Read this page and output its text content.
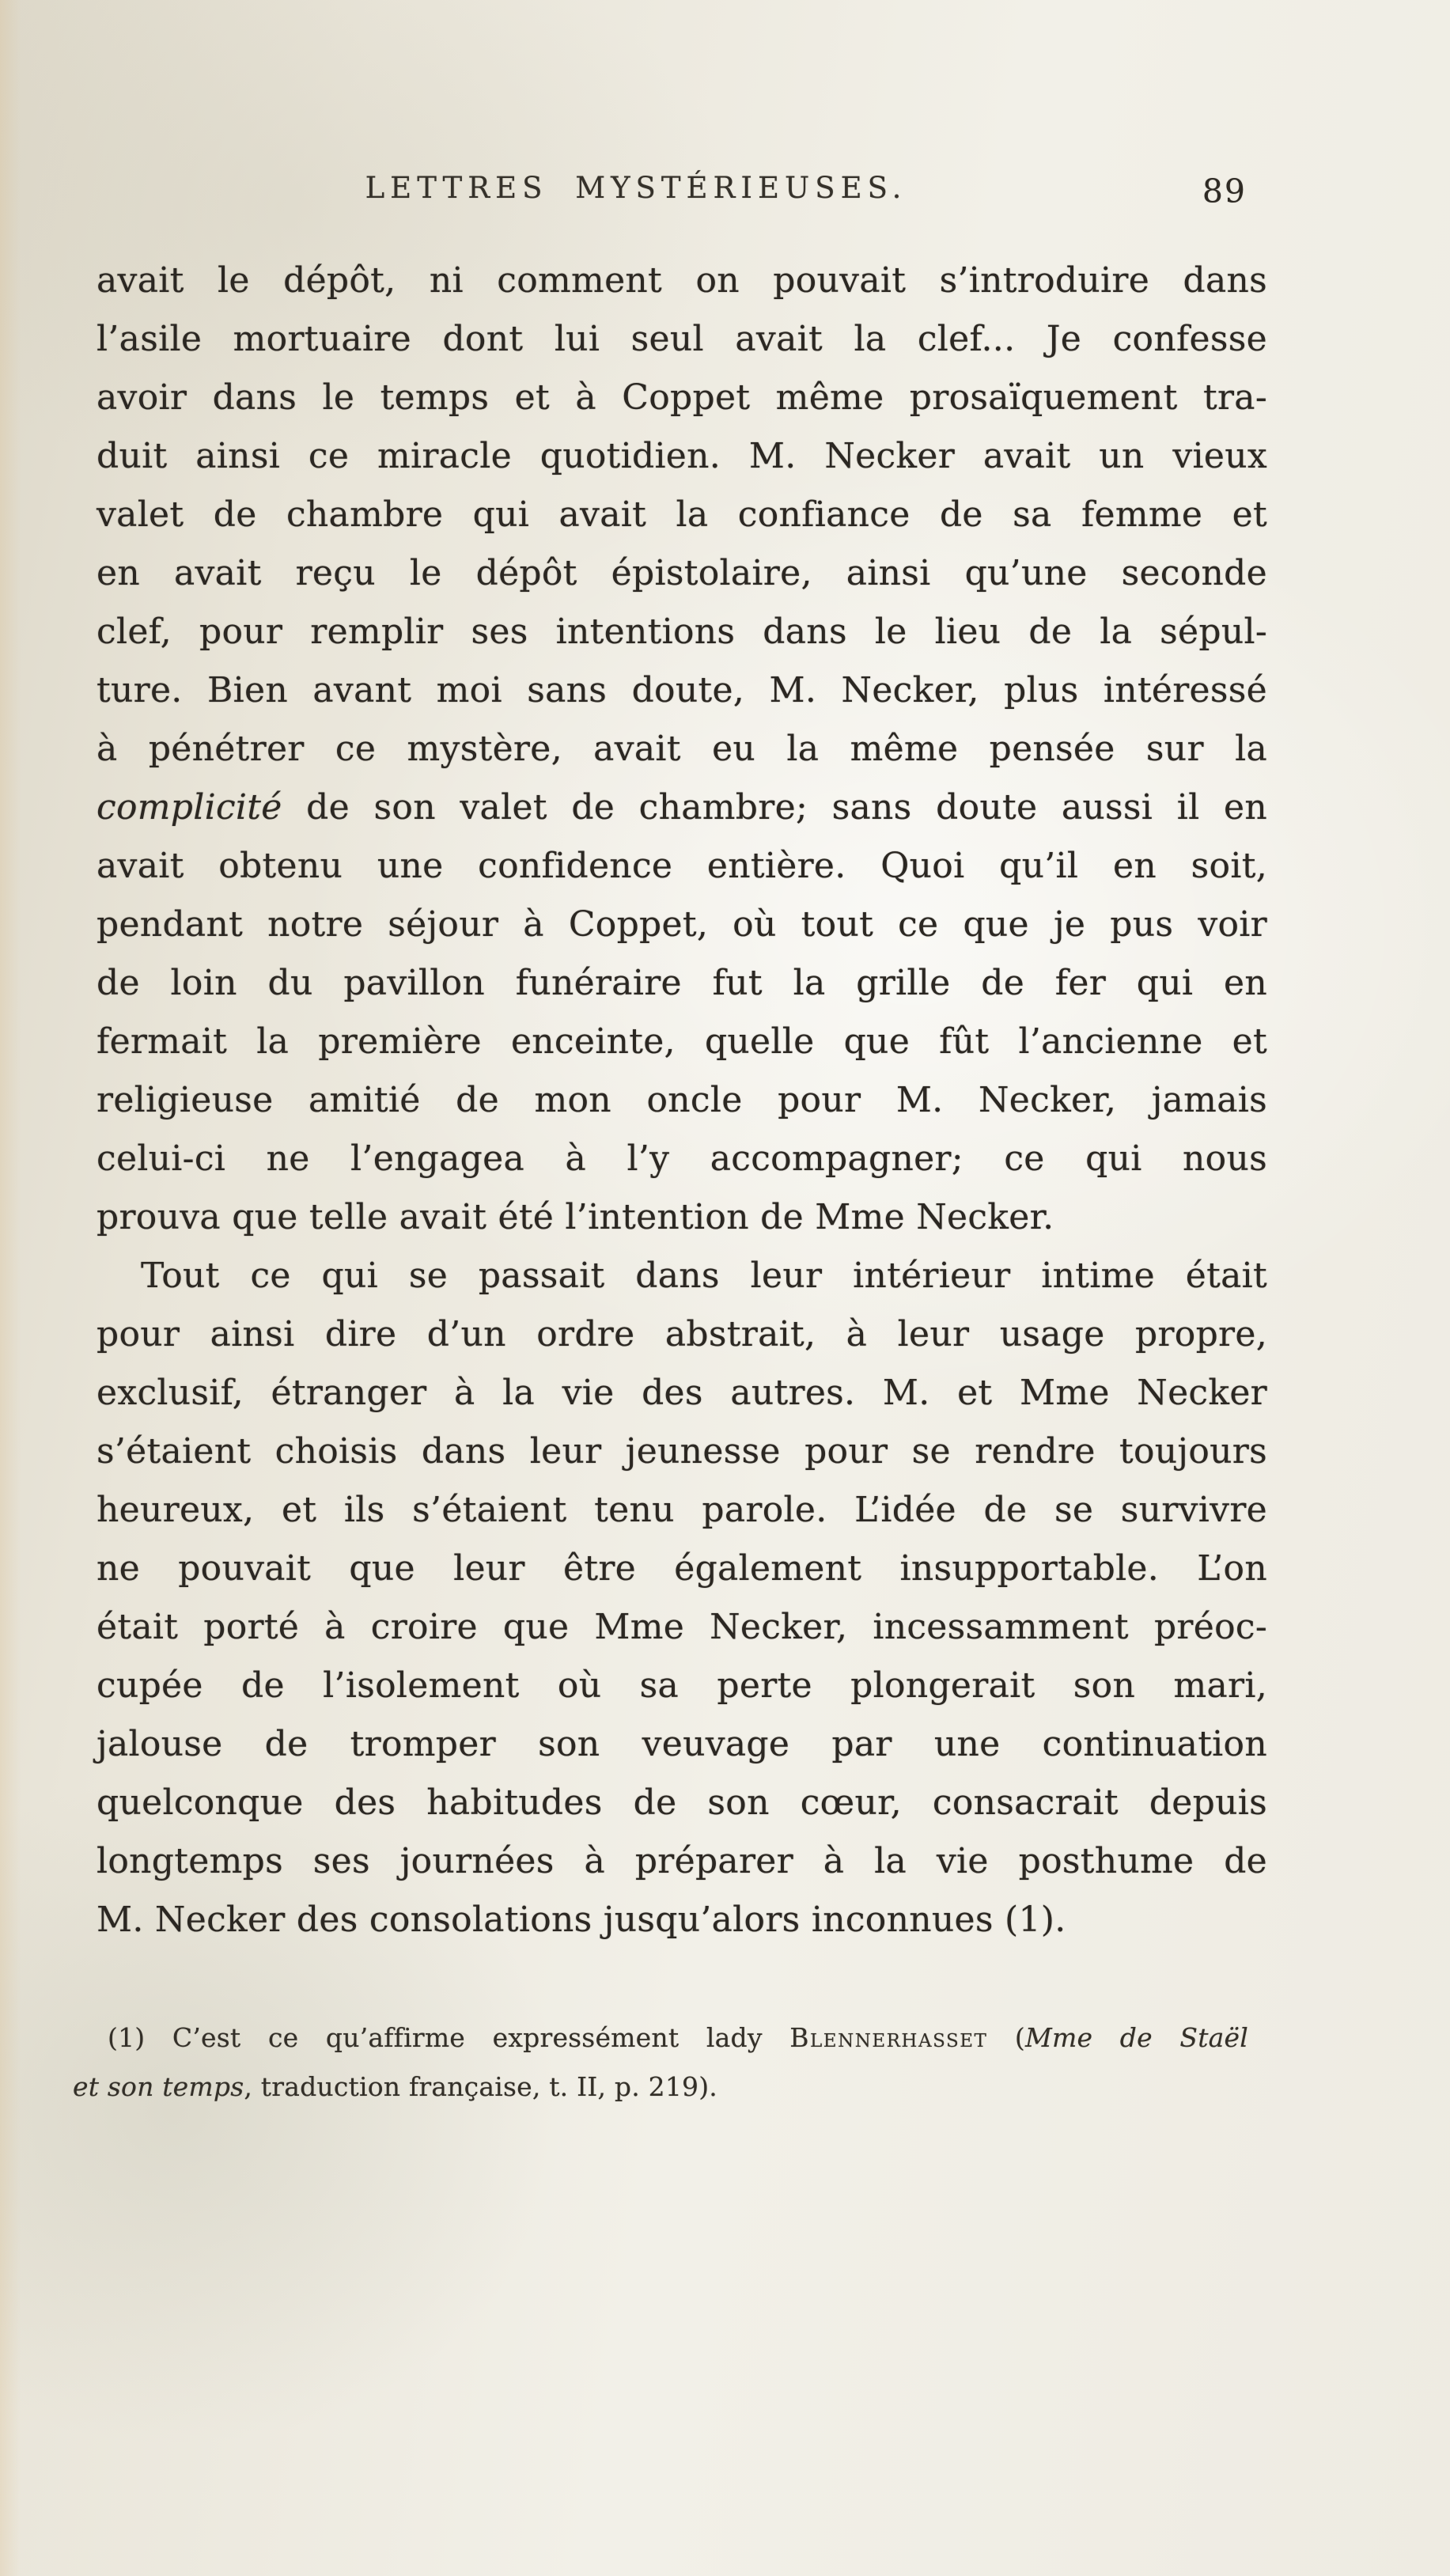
LETTRES MYSTÉRIEUSES.	89
avait le dépôt, ni comment on pouvait s’introduire dans
l’asile mortuaire dont lui seul avait la clef... Je confesse
avoir dans le temps et à Coppet même prosaïquement tra-
duit ainsi ce miracle quotidien. M. Necker avait un vieux
valet de chambre qui avait la confiance de sa femme et
en avait reçu le dépôt épistolaire, ainsi qu’une seconde
clef, pour remplir ses intentions dans le lieu de la sépul-
ture. Bien avant moi sans doute, M. Necker, plus intéressé
à pénétrer ce mystère, avait eu la même pensée sur la
complicité de son valet de chambre; sans doute aussi il en
avait obtenu une confidence entière. Quoi qu’il en soit,
pendant notre séjour à Coppet, où tout ce que je pus voir
de loin du pavillon funéraire fut la grille de fer qui en
fermait la première enceinte, quelle que fût l’ancienne et
religieuse amitié de mon oncle pour M. Necker, jamais
celui-ci ne l’engagea à l’y accompagner; ce qui nous
prouva que telle avait été l’intention de Mme Necker.
Tout ce qui se passait dans leur intérieur intime était
pour ainsi dire d’un ordre abstrait, à leur usage propre,
exclusif, étranger à la vie des autres. M. et Mme Necker
s’étaient choisis dans leur jeunesse pour se rendre toujours
heureux, et ils s’étaient tenu parole. L’idée de se survivre
ne pouvait que leur être également insupportable. L’on
était porté à croire que Mme Necker, incessamment préoc-
cupée de l’isolement où sa perte plongerait son mari,
jalouse de tromper son veuvage par une continuation
quelconque des habitudes de son cœur, consacrait depuis
longtemps ses journées à préparer à la vie posthume de
M. Necker des consolations jusqu’alors inconnues (1).
(1) C’est ce qu’affirme expressément lady Blennerhasset (Mme de Staël
et son temps, traduction française, t. II, p. 219).
